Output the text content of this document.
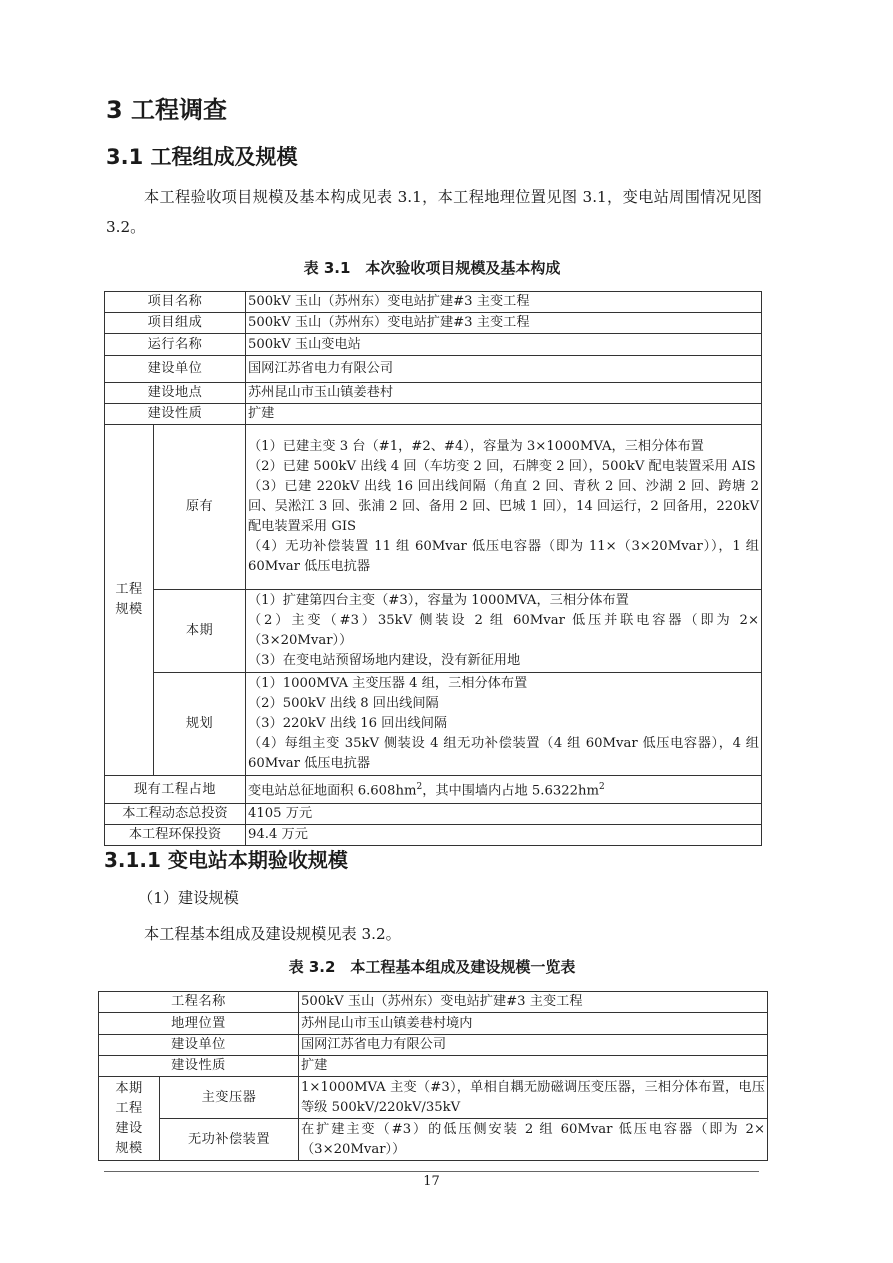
3 工程调查
3.1 工程组成及规模
本工程验收项目规模及基本构成见表 3.1，本工程地理位置见图 3.1，变电站周围情况见图 3.2。
表 3.1　本次验收项目规模及基本构成
项目名称		500kV 玉山（苏州东）变电站扩建#3 主变工程
项目组成		500kV 玉山（苏州东）变电站扩建#3 主变工程
运行名称		500kV 玉山变电站
建设单位		国网江苏省电力有限公司
建设地点		苏州昆山市玉山镇姜巷村
建设性质		扩建
工程规模	原有	（1）已建主变 3 台（#1，#2、#4），容量为 3×1000MVA，三相分体布置
（2）已建 500kV 出线 4 回（车坊变 2 回，石牌变 2 回），500kV 配电装置采用 AIS
（3）已建 220kV 出线 16 回出线间隔（角直 2 回、青秋 2 回、沙湖 2 回、跨塘 2 回、吴淞江 3 回、张浦 2 回、备用 2 回、巴城 1 回），14 回运行，2 回备用，220kV 配电装置采用 GIS
（4）无功补偿装置 11 组 60Mvar 低压电容器（即为 11×（3×20Mvar）），1 组 60Mvar 低压电抗器

	本期	（1）扩建第四台主变（#3），容量为 1000MVA，三相分体布置
（2）主变（#3）35kV 侧装设 2 组 60Mvar 低压并联电容器（即为 2×（3×20Mvar））
（3）在变电站预留场地内建设，没有新征用地

	规划	（1）1000MVA 主变压器 4 组，三相分体布置
（2）500kV 出线 8 回出线间隔
（3）220kV 出线 16 回出线间隔
（4）每组主变 35kV 侧装设 4 组无功补偿装置（4 组 60Mvar 低压电容器），4 组 60Mvar 低压电抗器

现有工程占地		变电站总征地面积 $6.608hm^2$，其中围墙内占地 $5.6322hm^2$
本工程动态总投资		4105 万元
本工程环保投资		94.4 万元
3.1.1 变电站本期验收规模
（1）建设规模
本工程基本组成及建设规模见表 3.2。
表 3.2　本工程基本组成及建设规模一览表
工程名称		500kV 玉山（苏州东）变电站扩建#3 主变工程
地理位置		苏州昆山市玉山镇姜巷村境内
建设单位		国网江苏省电力有限公司
建设性质		扩建

本期
工程
建设
规模	主变压器	1×1000MVA 主变（#3），单相自耦无励磁调压变压器，三相分体布置，电压等级 500kV/220kV/35kV
	无功补偿装置	在扩建主变（#3）的低压侧安装 2 组 60Mvar 低压电容器（即为 2×（3×20Mvar））
17
